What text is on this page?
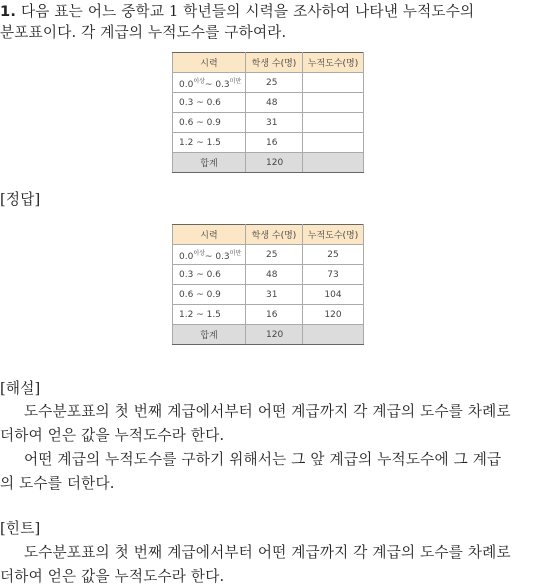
1. 다음 표는 어느 중학교 1 학년들의 시력을 조사하여 나타낸 누적도수의
분포표이다. 각 계급의 누적도수를 구하여라.
시력	학생 수(명)	누적도수(명)
$0.0^{이상}\sim$ $0.3^{미만}$	25	
0.3 ~ 0.6	48	
0.6 ~ 0.9	31	
1.2 ~ 1.5	16	
합계	120	
[정답]
시력	학생 수(명)	누적도수(명)
$0.0^{이상}\sim$ $0.3^{미만}$	25	25
0.3 ~ 0.6	48	73
0.6 ~ 0.9	31	104
1.2 ~ 1.5	16	120
합계	120	
[해설]
도수분포표의 첫 번째 계급에서부터 어떤 계급까지 각 계급의 도수를 차례로
더하여 얻은 값을 누적도수라 한다.
어떤 계급의 누적도수를 구하기 위해서는 그 앞 계급의 누적도수에 그 계급
의 도수를 더한다.
[힌트]
도수분포표의 첫 번째 계급에서부터 어떤 계급까지 각 계급의 도수를 차례로
더하여 얻은 값을 누적도수라 한다.
